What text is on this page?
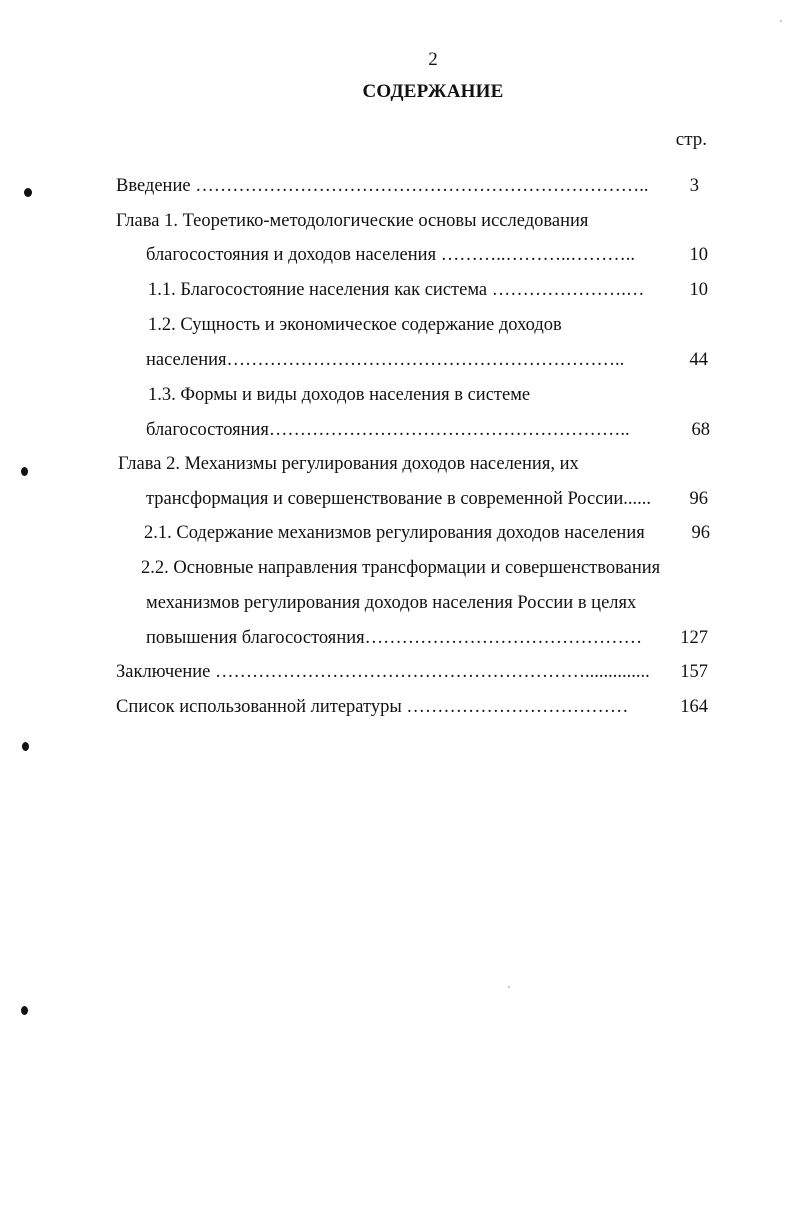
2
СОДЕРЖАНИЕ
стр.
Введение ……………………………………………………………….. 3
Глава 1. Теоретико-методологические основы исследования
благосостояния и доходов населения ………..………..………..	10
1.1. Благосостояние населения как система ………………….… 10
1.2. Сущность и экономическое содержание доходов
населения………………………………………………………..	44
1.3. Формы и виды доходов населения в системе
благосостояния…………………………………………………..	68
Глава 2. Механизмы регулирования доходов населения, их
трансформация и совершенствование в современной России...... 96
2.1. Содержание механизмов регулирования доходов населения	96
2.2. Основные направления трансформации и совершенствования
механизмов регулирования доходов населения России в целях
повышения благосостояния……………………………………… 127
Заключение …………………………………………………….............. 157
Список использованной литературы ………………………………	164
